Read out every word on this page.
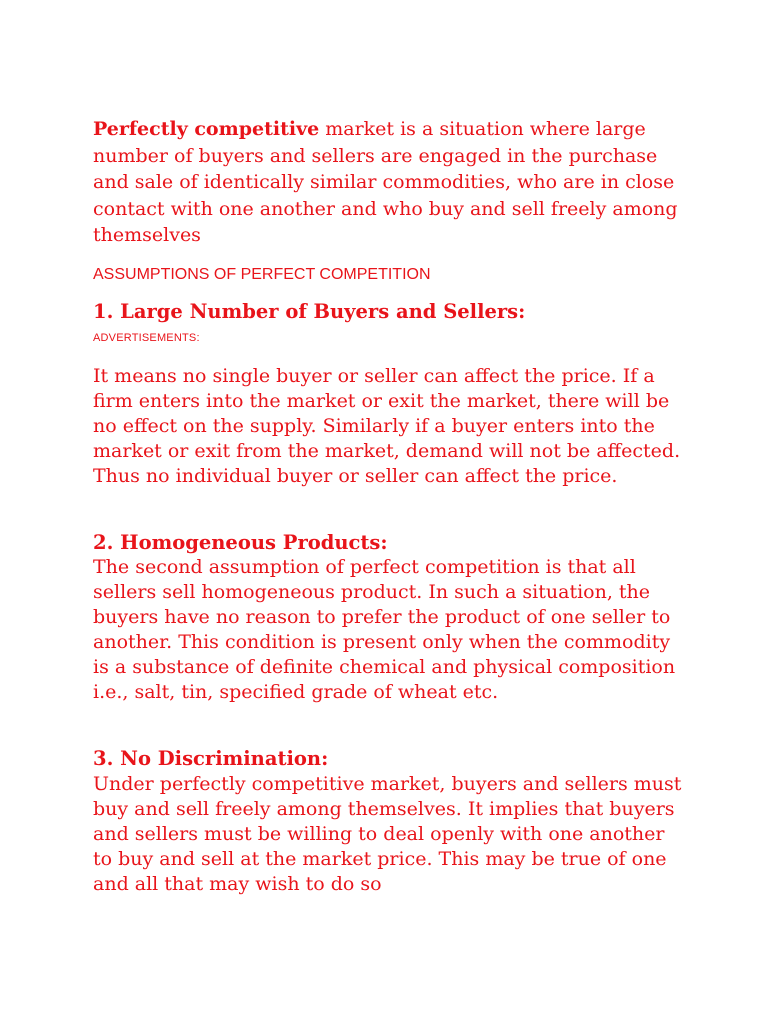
Perfectly competitive market is a situation where large number of buyers and sellers are engaged in the purchase and sale of identically similar commodities, who are in close contact with one another and who buy and sell freely among themselves

ASSUMPTIONS OF PERFECT COMPETITION

1. Large Number of Buyers and Sellers:

ADVERTISEMENTS:

It means no single buyer or seller can affect the price. If a firm enters into the market or exit the market, there will be no effect on the supply. Similarly if a buyer enters into the market or exit from the market, demand will not be affected. Thus no individual buyer or seller can affect the price.

2. Homogeneous Products:

The second assumption of perfect competition is that all sellers sell homogeneous product. In such a situation, the buyers have no reason to prefer the product of one seller to another. This condition is present only when the commodity is a substance of definite chemical and physical composition i.e., salt, tin, specified grade of wheat etc.

3. No Discrimination:

Under perfectly competitive market, buyers and sellers must buy and sell freely among themselves. It implies that buyers and sellers must be willing to deal openly with one another to buy and sell at the market price. This may be true of one and all that may wish to do so
